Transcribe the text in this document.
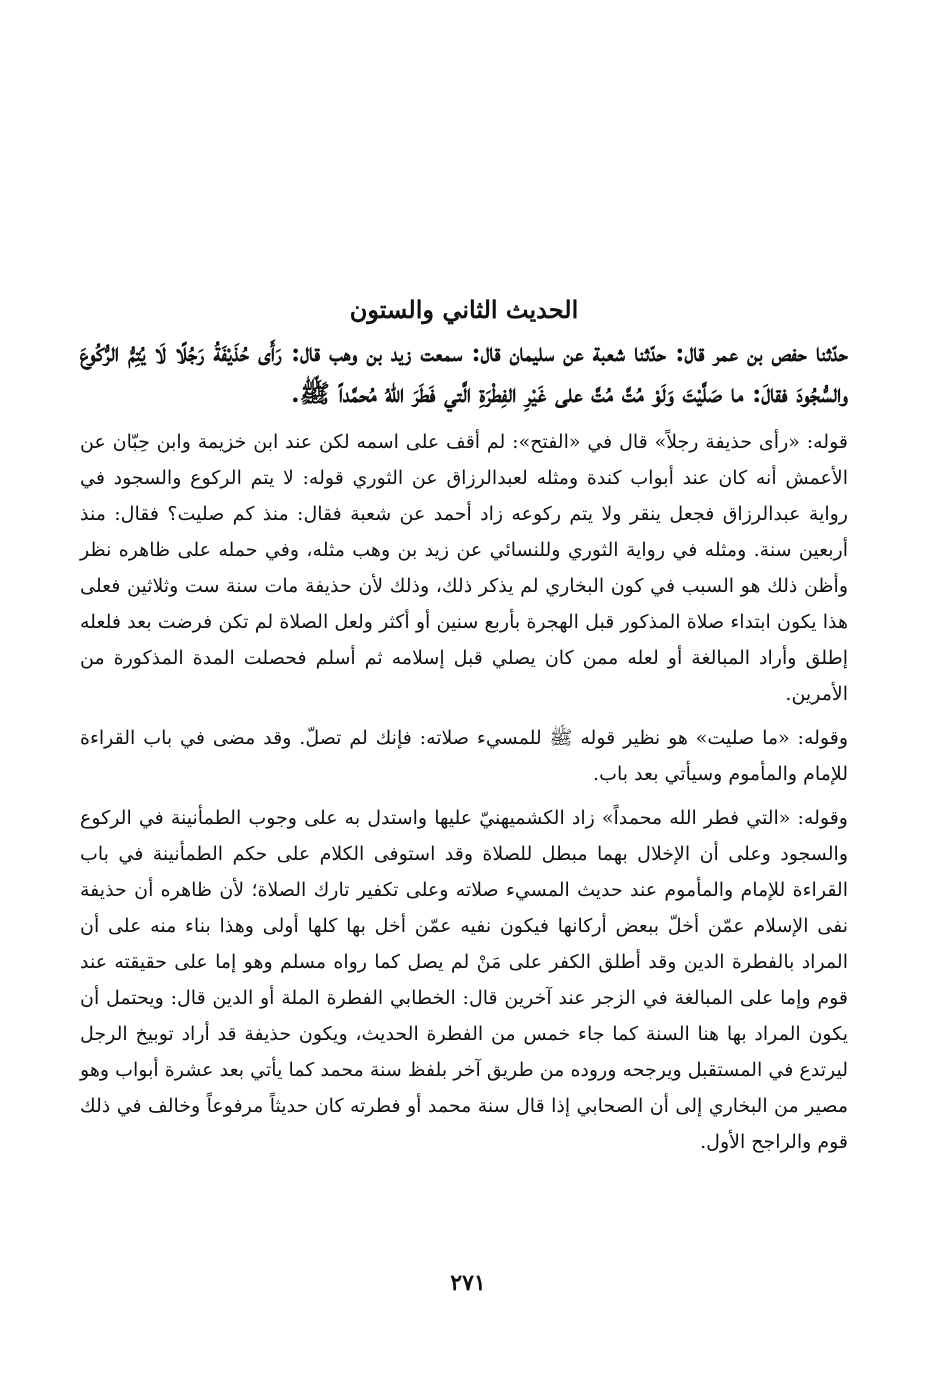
الحديث الثاني والستون

حدّثنا حفص بن عمر قال: حدّثنا شعبة عن سليمان قال: سمعت زيد بن وهب قال: رَأَى حُذَيْفَةُ رَجُلًا لَا يُتِمُّ الرُّكُوعَ والسُّجُودَ فقالَ: ما صَلَّيْتَ وَلَوْ مُتَّ مُتَّ على غَيْرِ الفِطْرَةِ الَّتي فَطَرَ اللهُ مُحمَّداً ﷺ.

قوله: «رأى حذيفة رجلاً» قال في «الفتح»: لم أقف على اسمه لكن عند ابن خزيمة وابن حِبّان عن الأعمش أنه كان عند أبواب كندة ومثله لعبدالرزاق عن الثوري قوله: لا يتم الركوع والسجود في رواية عبدالرزاق فجعل ينقر ولا يتم ركوعه زاد أحمد عن شعبة فقال: منذ كم صليت؟ فقال: منذ أربعين سنة. ومثله في رواية الثوري وللنسائي عن زيد بن وهب مثله، وفي حمله على ظاهره نظر وأظن ذلك هو السبب في كون البخاري لم يذكر ذلك، وذلك لأن حذيفة مات سنة ست وثلاثين فعلى هذا يكون ابتداء صلاة المذكور قبل الهجرة بأربع سنين أو أكثر ولعل الصلاة لم تكن فرضت بعد فلعله إطلق وأراد المبالغة أو لعله ممن كان يصلي قبل إسلامه ثم أسلم فحصلت المدة المذكورة من الأمرين.

وقوله: «ما صليت» هو نظير قوله ﷺ للمسيء صلاته: فإنك لم تصلّ. وقد مضى في باب القراءة للإمام والمأموم وسيأتي بعد باب.

وقوله: «التي فطر الله محمداً» زاد الكشميهنيّ عليها واستدل به على وجوب الطمأنينة في الركوع والسجود وعلى أن الإخلال بهما مبطل للصلاة وقد استوفى الكلام على حكم الطمأنينة في باب القراءة للإمام والمأموم عند حديث المسيء صلاته وعلى تكفير تارك الصلاة؛ لأن ظاهره أن حذيفة نفى الإسلام عمّن أخلّ ببعض أركانها فيكون نفيه عمّن أخل بها كلها أولى وهذا بناء منه على أن المراد بالفطرة الدين وقد أطلق الكفر على مَنْ لم يصل كما رواه مسلم وهو إما على حقيقته عند قوم وإما على المبالغة في الزجر عند آخرين قال: الخطابي الفطرة الملة أو الدين قال: ويحتمل أن يكون المراد بها هنا السنة كما جاء خمس من الفطرة الحديث، ويكون حذيفة قد أراد توبيخ الرجل ليرتدع في المستقبل ويرجحه وروده من طريق آخر بلفظ سنة محمد كما يأتي بعد عشرة أبواب وهو مصير من البخاري إلى أن الصحابي إذا قال سنة محمد أو فطرته كان حديثاً مرفوعاً وخالف في ذلك قوم والراجح الأول.

٢٧١
